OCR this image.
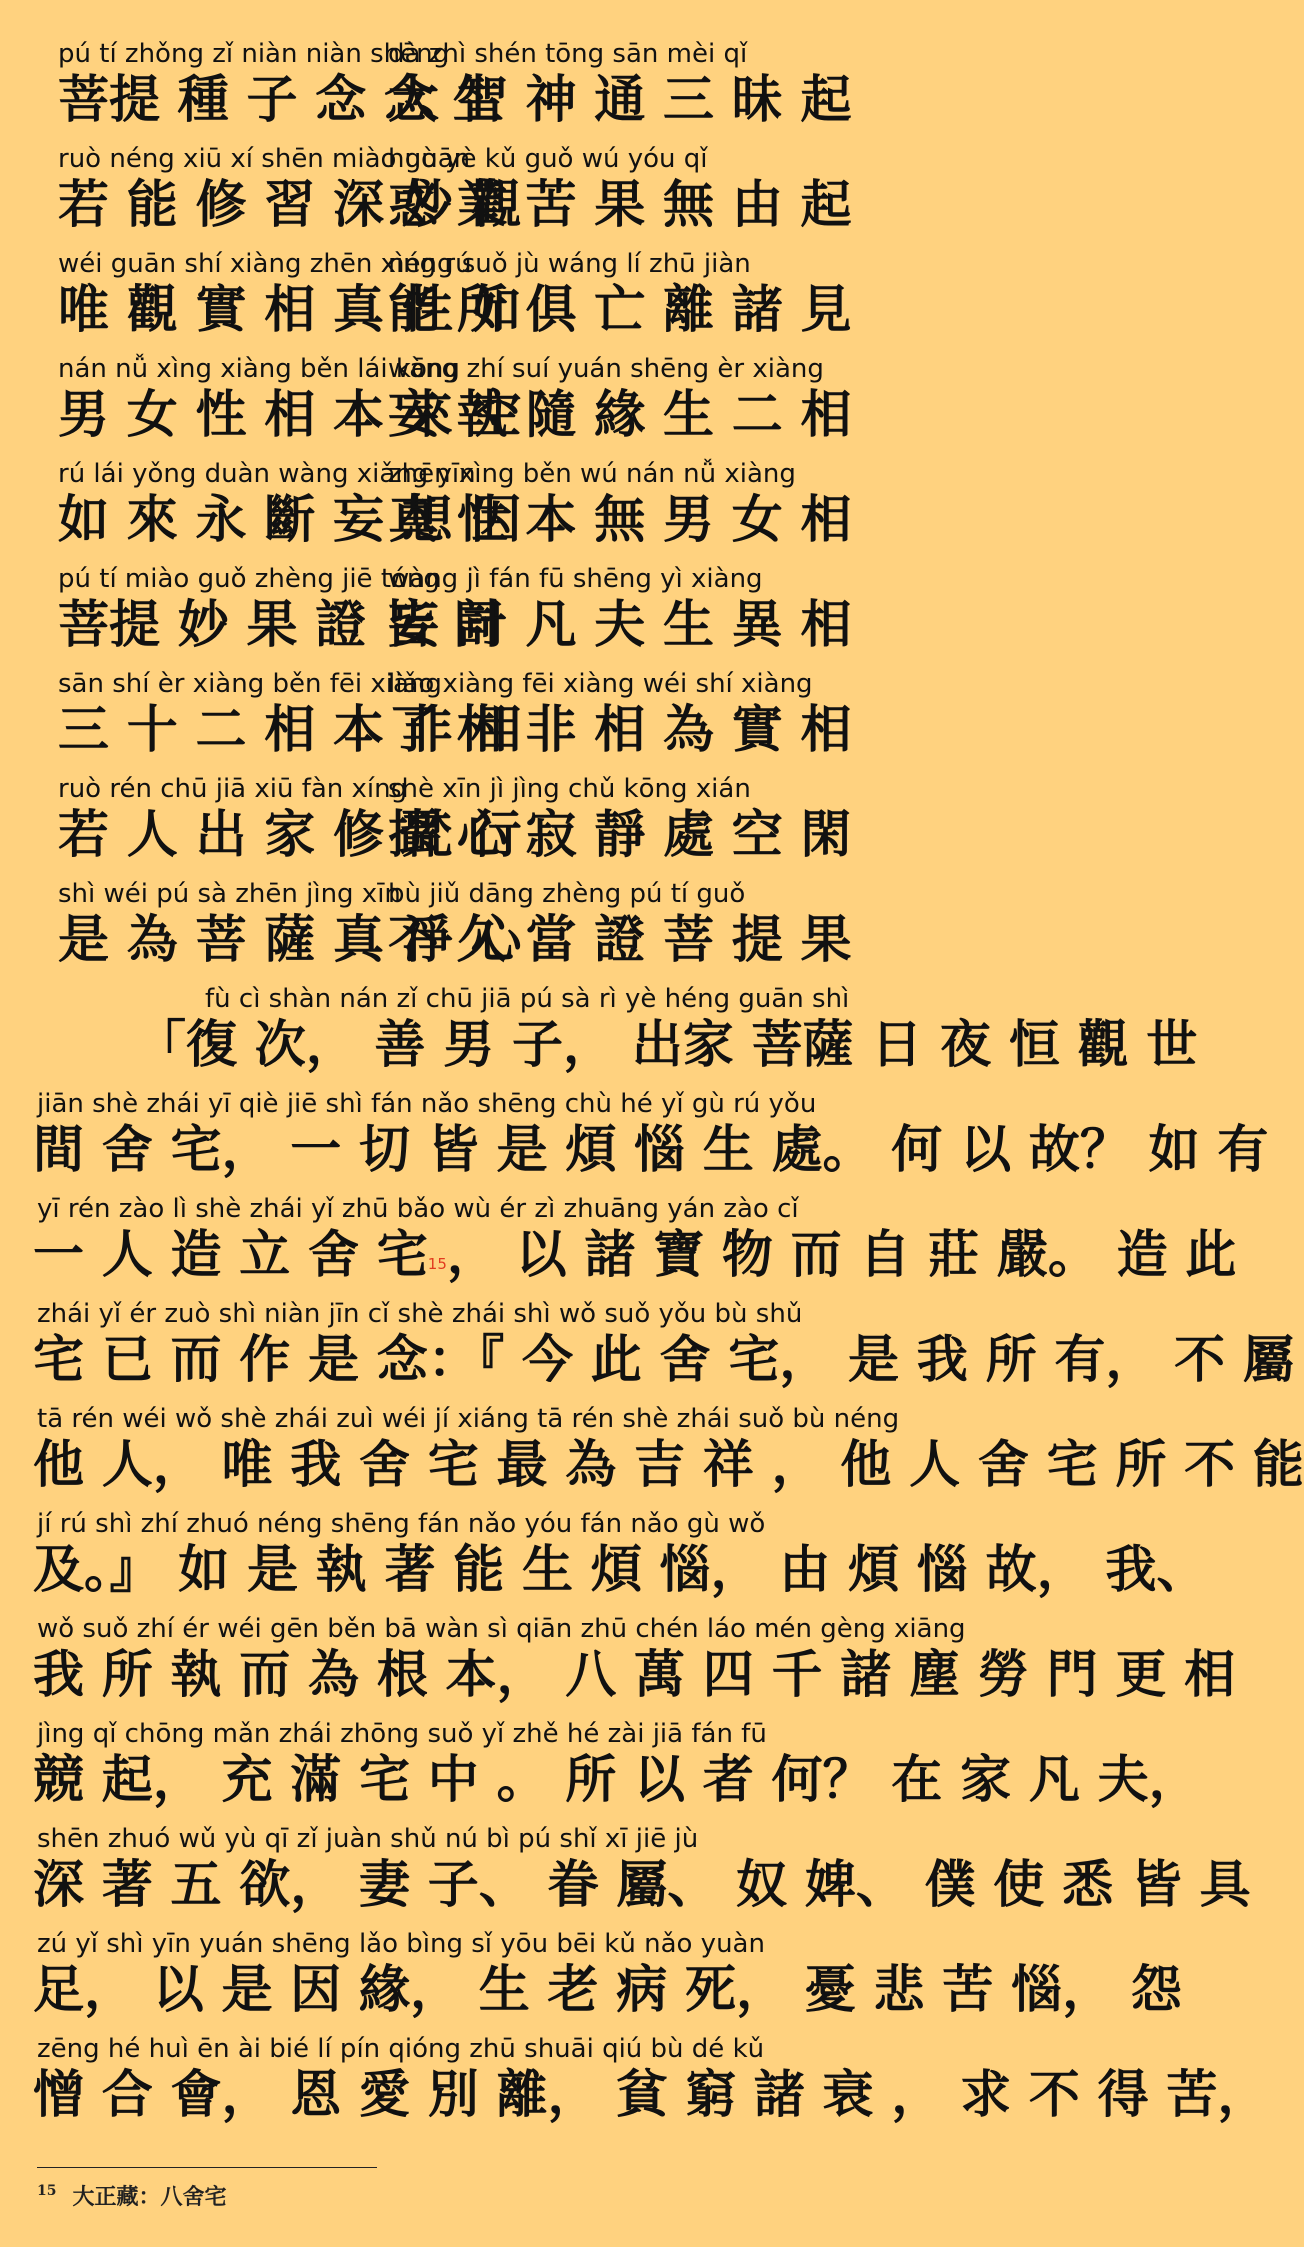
pú tí zhǒng zǐ niàn niàn shēng
菩提 種 子 念 念 生
dà zhì shén tōng sān mèi qǐ
大 智 神 通 三 昧 起
ruò néng xiū xí shēn miào guān
若 能 修 習 深 妙 觀
huò yè kǔ guǒ wú yóu qǐ
惑 業 苦 果 無 由 起
wéi guān shí xiàng zhēn xìng rú
唯 觀 實 相 真 性 如
néng suǒ jù wáng lí zhū jiàn
能 所 俱 亡 離 諸 見
nán nǚ xìng xiàng běn lái kōng
男 女 性 相 本 來 空
wàng zhí suí yuán shēng èr xiàng
妄 執 隨 緣 生 二 相
rú lái yǒng duàn wàng xiǎng yīn
如 來 永 斷 妄 想 因
zhēn xìng běn wú nán nǚ xiàng
真 性 本 無 男 女 相
pú tí miào guǒ zhèng jiē tóng
菩提 妙 果 證 皆 同
wàng jì fán fū shēng yì xiàng
妄 計 凡 夫 生 異 相
sān shí èr xiàng běn fēi xiàng
三 十 二 相 本 非 相
liǎo xiàng fēi xiàng wéi shí xiàng
了 相 非 相 為 實 相
ruò rén chū jiā xiū fàn xíng
若 人 出 家 修 梵 行
shè xīn jì jìng chǔ kōng xián
攝 心 寂 靜 處 空 閑
shì wéi pú sà zhēn jìng xīn
是 為 菩 薩 真 淨 心
bù jiǔ dāng zhèng pú tí guǒ
不 久 當 證 菩 提 果
fù cì shàn nán zǐ chū jiā pú sà rì yè héng guān shì
「復 次， 善 男 子， 出家 菩薩 日 夜 恒 觀 世
jiān shè zhái yī qiè jiē shì fán nǎo shēng chù hé yǐ gù rú yǒu
間 舍 宅， 一 切 皆 是 煩 惱 生 處。 何 以 故？ 如 有
yī rén zào lì shè zhái yǐ zhū bǎo wù ér zì zhuāng yán zào cǐ
一 人 造 立 舍 宅$^{15}$， 以 諸 寶 物 而 自 莊 嚴。 造 此
zhái yǐ ér zuò shì niàn jīn cǐ shè zhái shì wǒ suǒ yǒu bù shǔ
宅 已 而 作 是 念：『 今 此 舍 宅， 是 我 所 有， 不 屬
tā rén wéi wǒ shè zhái zuì wéi jí xiáng tā rén shè zhái suǒ bù néng
他 人， 唯 我 舍 宅 最 為 吉 祥 ， 他 人 舍 宅 所 不 能
jí rú shì zhí zhuó néng shēng fán nǎo yóu fán nǎo gù wǒ
及。』 如 是 執 著 能 生 煩 惱， 由 煩 惱 故， 我、
wǒ suǒ zhí ér wéi gēn běn bā wàn sì qiān zhū chén láo mén gèng xiāng
我 所 執 而 為 根 本， 八 萬 四 千 諸 塵 勞 門 更 相
jìng qǐ chōng mǎn zhái zhōng suǒ yǐ zhě hé zài jiā fán fū
競 起， 充 滿 宅 中 。 所 以 者 何？ 在 家 凡 夫，
shēn zhuó wǔ yù qī zǐ juàn shǔ nú bì pú shǐ xī jiē jù
深 著 五 欲， 妻 子、 眷 屬、 奴 婢、 僕 使 悉 皆 具
zú yǐ shì yīn yuán shēng lǎo bìng sǐ yōu bēi kǔ nǎo yuàn
足， 以 是 因 緣， 生 老 病 死， 憂 悲 苦 惱， 怨
zēng hé huì ēn ài bié lí pín qióng zhū shuāi qiú bù dé kǔ
憎 合 會， 恩 愛 別 離， 貧 窮 諸 衰 ， 求 不 得 苦，
$^{15}$ 大正藏：八舍宅
